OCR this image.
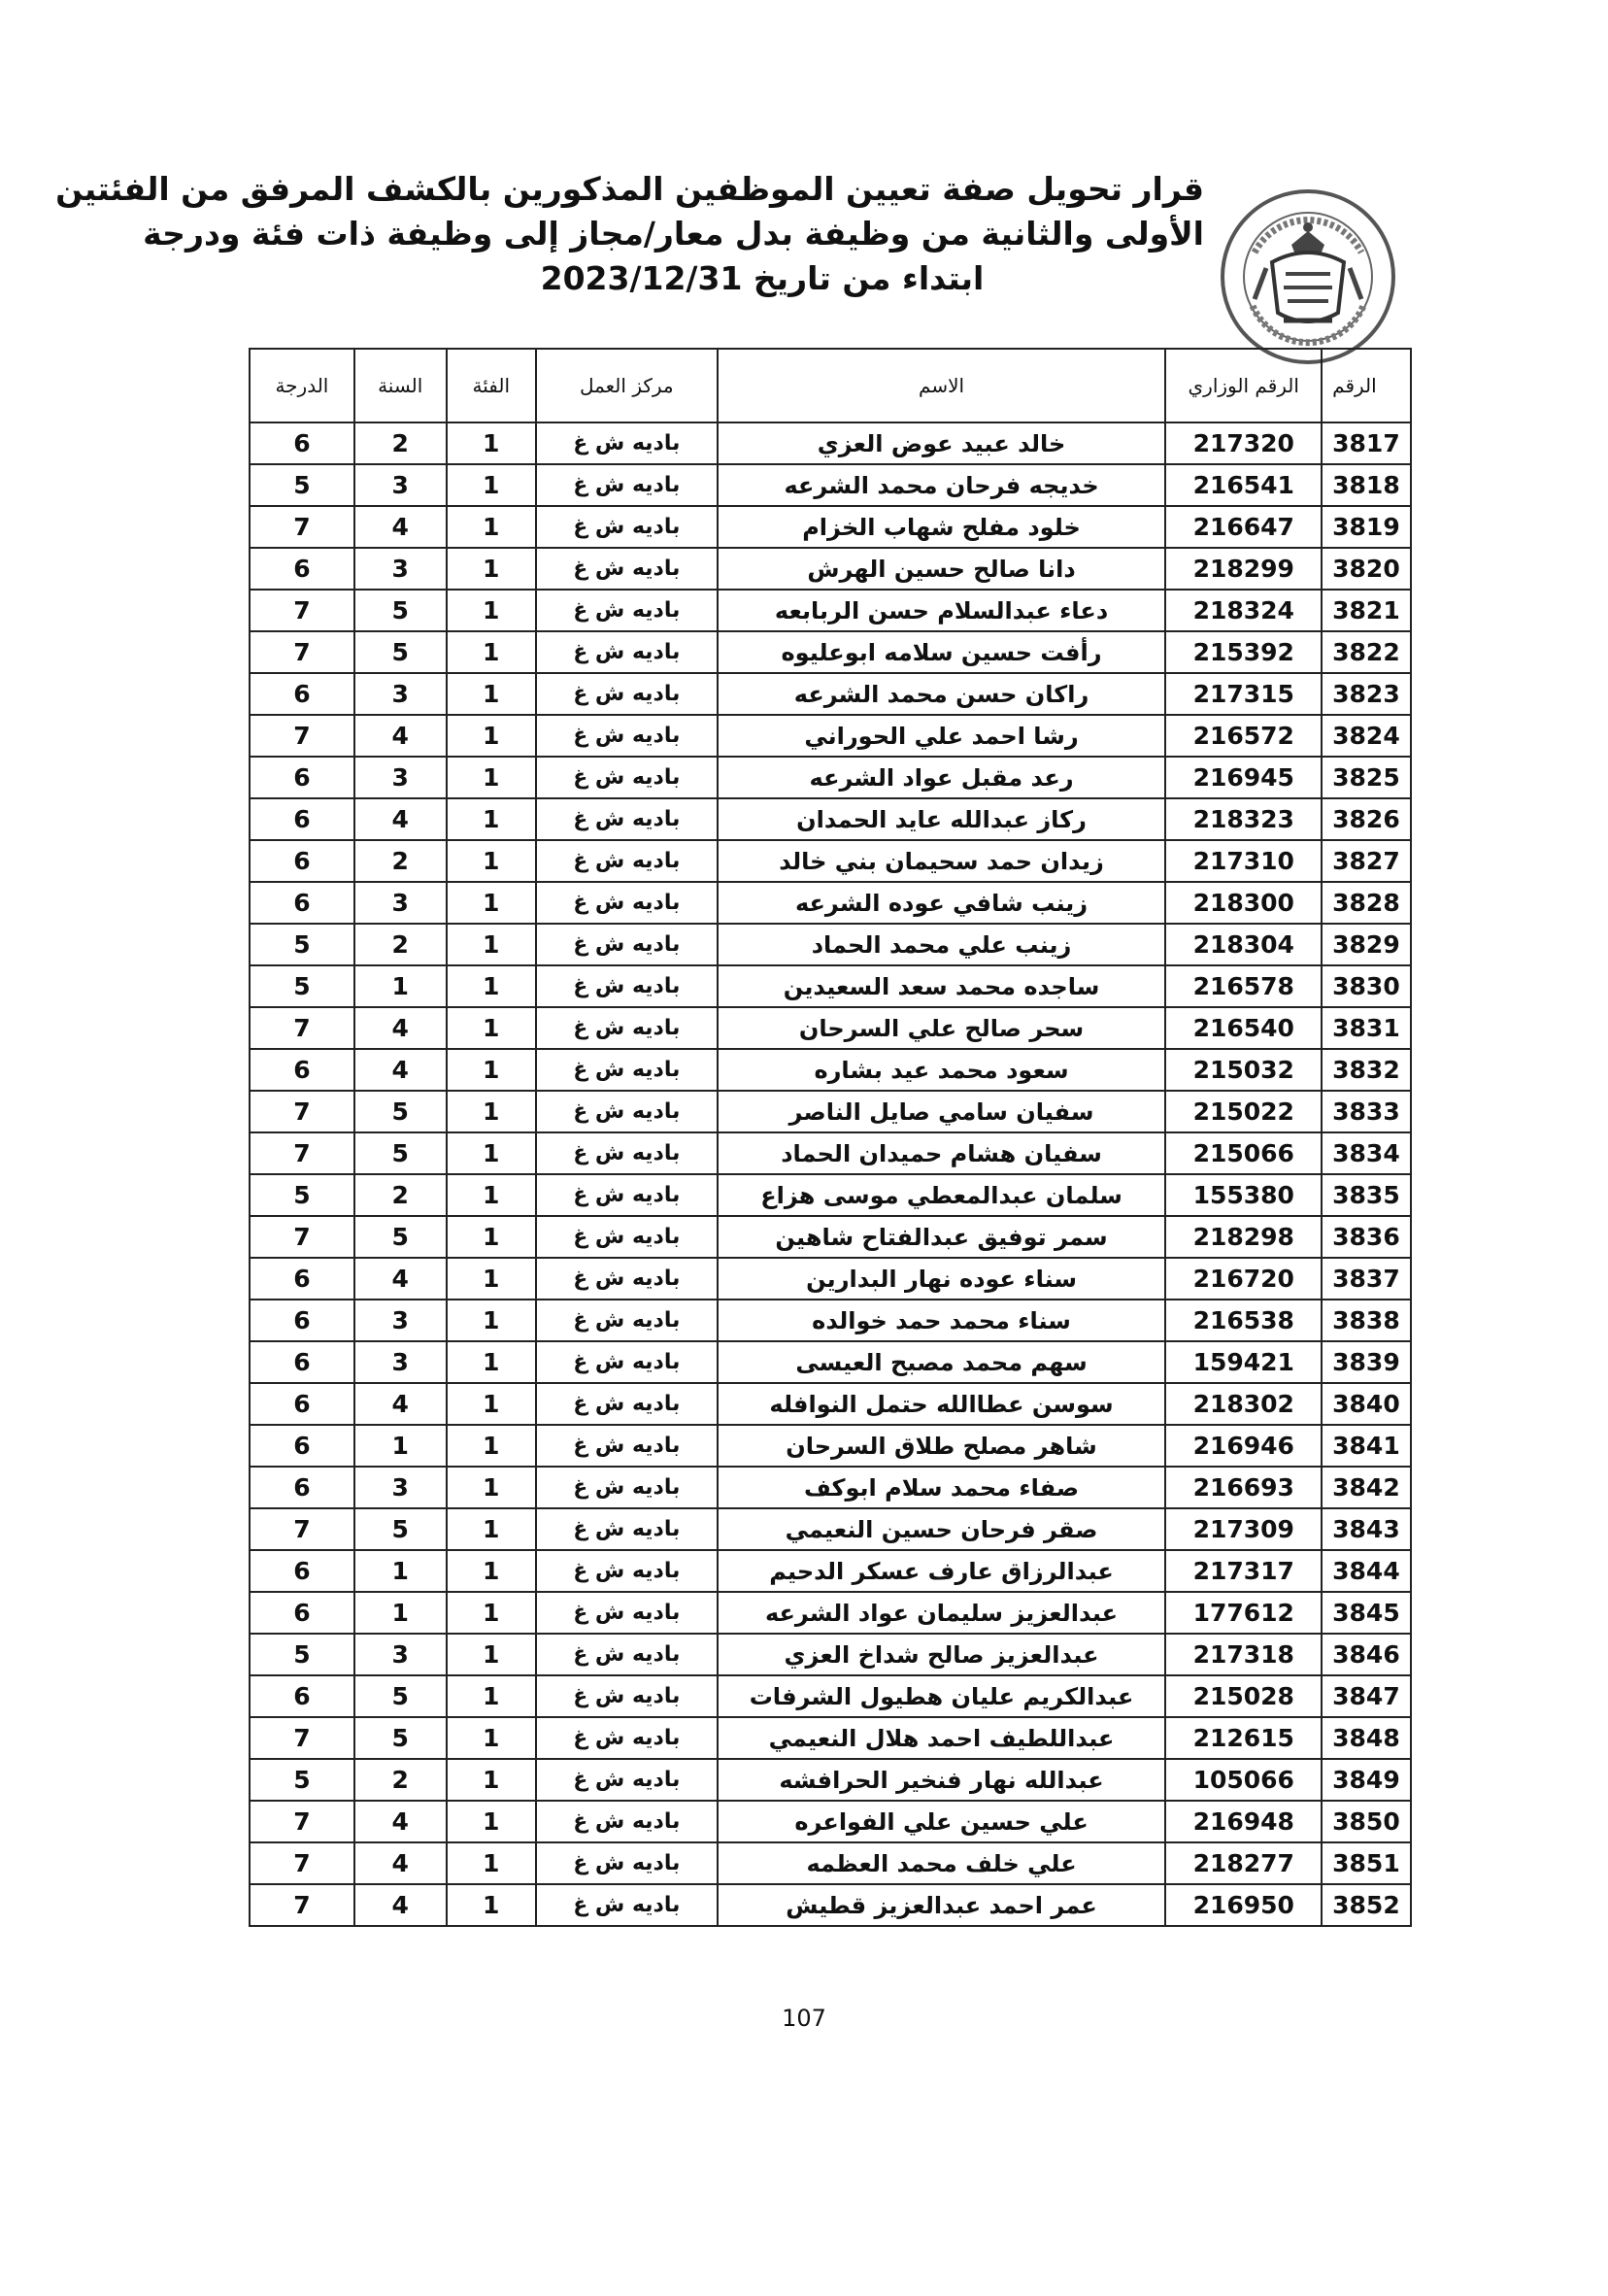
قرار تحويل صفة تعيين الموظفين المذكورين بالكشف المرفق من الفئتين
الأولى والثانية من وظيفة بدل معار/مجاز إلى وظيفة ذات فئة ودرجة
ابتداء من تاريخ 2023/12/31
الرقم	الرقم الوزاري	الاسم	مركز العمل	الفئة	السنة	الدرجة
3817	217320	خالد عبيد عوض العزي	باديه ش غ	1	2	6
3818	216541	خديجه فرحان محمد الشرعه	باديه ش غ	1	3	5
3819	216647	خلود مفلح شهاب الخزام	باديه ش غ	1	4	7
3820	218299	دانا صالح حسين الهرش	باديه ش غ	1	3	6
3821	218324	دعاء عبدالسلام حسن الربابعه	باديه ش غ	1	5	7
3822	215392	رأفت حسين سلامه ابوعليوه	باديه ش غ	1	5	7
3823	217315	راكان حسن محمد الشرعه	باديه ش غ	1	3	6
3824	216572	رشا احمد علي الحوراني	باديه ش غ	1	4	7
3825	216945	رعد مقبل عواد الشرعه	باديه ش غ	1	3	6
3826	218323	ركاز عبدالله عايد الحمدان	باديه ش غ	1	4	6
3827	217310	زيدان حمد سحيمان بني خالد	باديه ش غ	1	2	6
3828	218300	زينب شافي عوده الشرعه	باديه ش غ	1	3	6
3829	218304	زينب علي محمد الحماد	باديه ش غ	1	2	5
3830	216578	ساجده محمد سعد السعيدين	باديه ش غ	1	1	5
3831	216540	سحر صالح علي السرحان	باديه ش غ	1	4	7
3832	215032	سعود محمد عيد بشاره	باديه ش غ	1	4	6
3833	215022	سفيان سامي صايل الناصر	باديه ش غ	1	5	7
3834	215066	سفيان هشام حميدان الحماد	باديه ش غ	1	5	7
3835	155380	سلمان عبدالمعطي موسى هزاع	باديه ش غ	1	2	5
3836	218298	سمر توفيق عبدالفتاح شاهين	باديه ش غ	1	5	7
3837	216720	سناء عوده نهار البدارين	باديه ش غ	1	4	6
3838	216538	سناء محمد حمد خوالده	باديه ش غ	1	3	6
3839	159421	سهم محمد مصبح العيسى	باديه ش غ	1	3	6
3840	218302	سوسن عطاالله حتمل النوافله	باديه ش غ	1	4	6
3841	216946	شاهر مصلح طلاق السرحان	باديه ش غ	1	1	6
3842	216693	صفاء محمد سلام ابوكف	باديه ش غ	1	3	6
3843	217309	صقر فرحان حسين النعيمي	باديه ش غ	1	5	7
3844	217317	عبدالرزاق عارف عسكر الدحيم	باديه ش غ	1	1	6
3845	177612	عبدالعزيز سليمان عواد الشرعه	باديه ش غ	1	1	6
3846	217318	عبدالعزيز صالح شداخ العزي	باديه ش غ	1	3	5
3847	215028	عبدالكريم عليان هطيول الشرفات	باديه ش غ	1	5	6
3848	212615	عبداللطيف احمد هلال النعيمي	باديه ش غ	1	5	7
3849	105066	عبدالله نهار فنخير الحرافشه	باديه ش غ	1	2	5
3850	216948	علي حسين علي الفواعره	باديه ش غ	1	4	7
3851	218277	علي خلف محمد العظمه	باديه ش غ	1	4	7
3852	216950	عمر احمد عبدالعزيز قطيش	باديه ش غ	1	4	7
107
